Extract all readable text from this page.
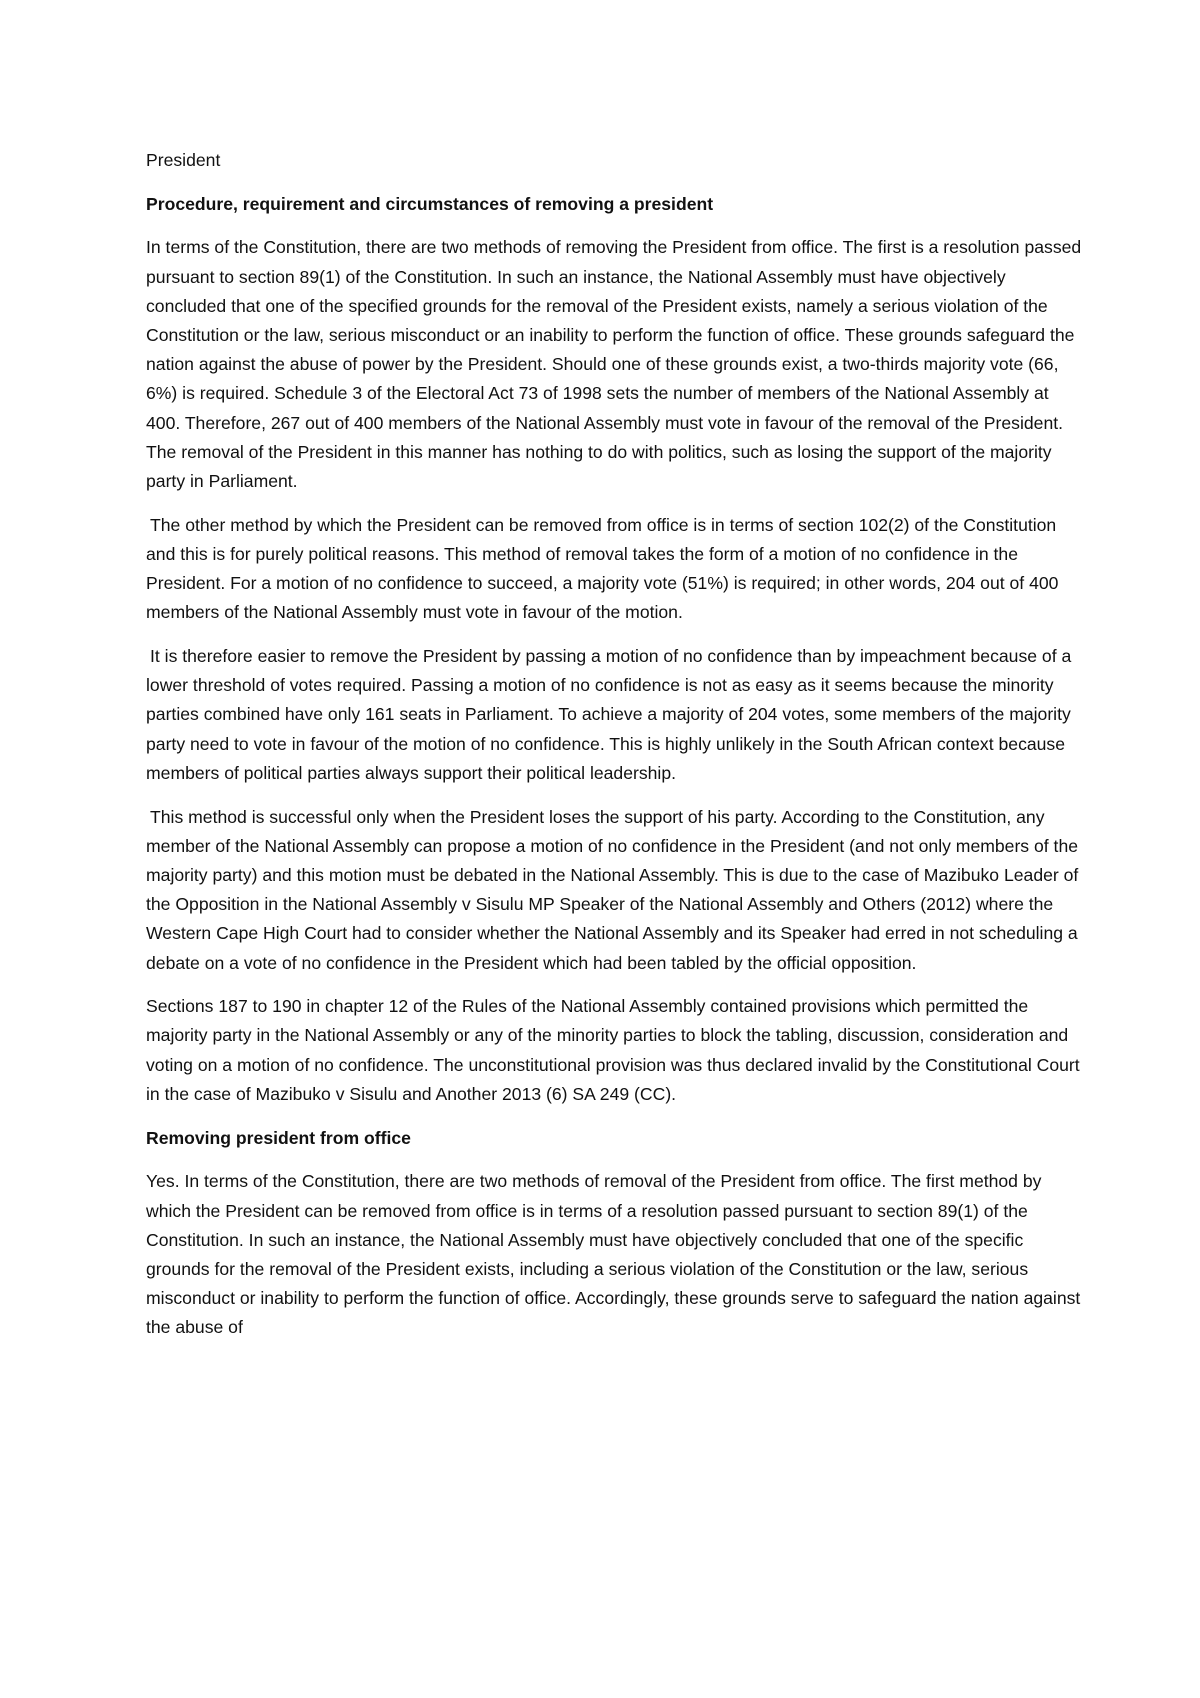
President

Procedure, requirement and circumstances of removing a president

In terms of the Constitution, there are two methods of removing the President from office. The first is a resolution passed pursuant to section 89(1) of the Constitution. In such an instance, the National Assembly must have objectively concluded that one of the specified grounds for the removal of the President exists, namely a serious violation of the Constitution or the law, serious misconduct or an inability to perform the function of office. These grounds safeguard the nation against the abuse of power by the President. Should one of these grounds exist, a two-thirds majority vote (66, 6%) is required. Schedule 3 of the Electoral Act 73 of 1998 sets the number of members of the National Assembly at 400. Therefore, 267 out of 400 members of the National Assembly must vote in favour of the removal of the President. The removal of the President in this manner has nothing to do with politics, such as losing the support of the majority party in Parliament.

The other method by which the President can be removed from office is in terms of section 102(2) of the Constitution and this is for purely political reasons. This method of removal takes the form of a motion of no confidence in the President. For a motion of no confidence to succeed, a majority vote (51%) is required; in other words, 204 out of 400 members of the National Assembly must vote in favour of the motion.

It is therefore easier to remove the President by passing a motion of no confidence than by impeachment because of a lower threshold of votes required. Passing a motion of no confidence is not as easy as it seems because the minority parties combined have only 161 seats in Parliament. To achieve a majority of 204 votes, some members of the majority party need to vote in favour of the motion of no confidence. This is highly unlikely in the South African context because members of political parties always support their political leadership.

This method is successful only when the President loses the support of his party. According to the Constitution, any member of the National Assembly can propose a motion of no confidence in the President (and not only members of the majority party) and this motion must be debated in the National Assembly. This is due to the case of Mazibuko Leader of the Opposition in the National Assembly v Sisulu MP Speaker of the National Assembly and Others (2012) where the Western Cape High Court had to consider whether the National Assembly and its Speaker had erred in not scheduling a debate on a vote of no confidence in the President which had been tabled by the official opposition.

Sections 187 to 190 in chapter 12 of the Rules of the National Assembly contained provisions which permitted the majority party in the National Assembly or any of the minority parties to block the tabling, discussion, consideration and voting on a motion of no confidence. The unconstitutional provision was thus declared invalid by the Constitutional Court in the case of Mazibuko v Sisulu and Another 2013 (6) SA 249 (CC).

Removing president from office

Yes. In terms of the Constitution, there are two methods of removal of the President from office. The first method by which the President can be removed from office is in terms of a resolution passed pursuant to section 89(1) of the Constitution. In such an instance, the National Assembly must have objectively concluded that one of the specific grounds for the removal of the President exists, including a serious violation of the Constitution or the law, serious misconduct or inability to perform the function of office. Accordingly, these grounds serve to safeguard the nation against the abuse of
